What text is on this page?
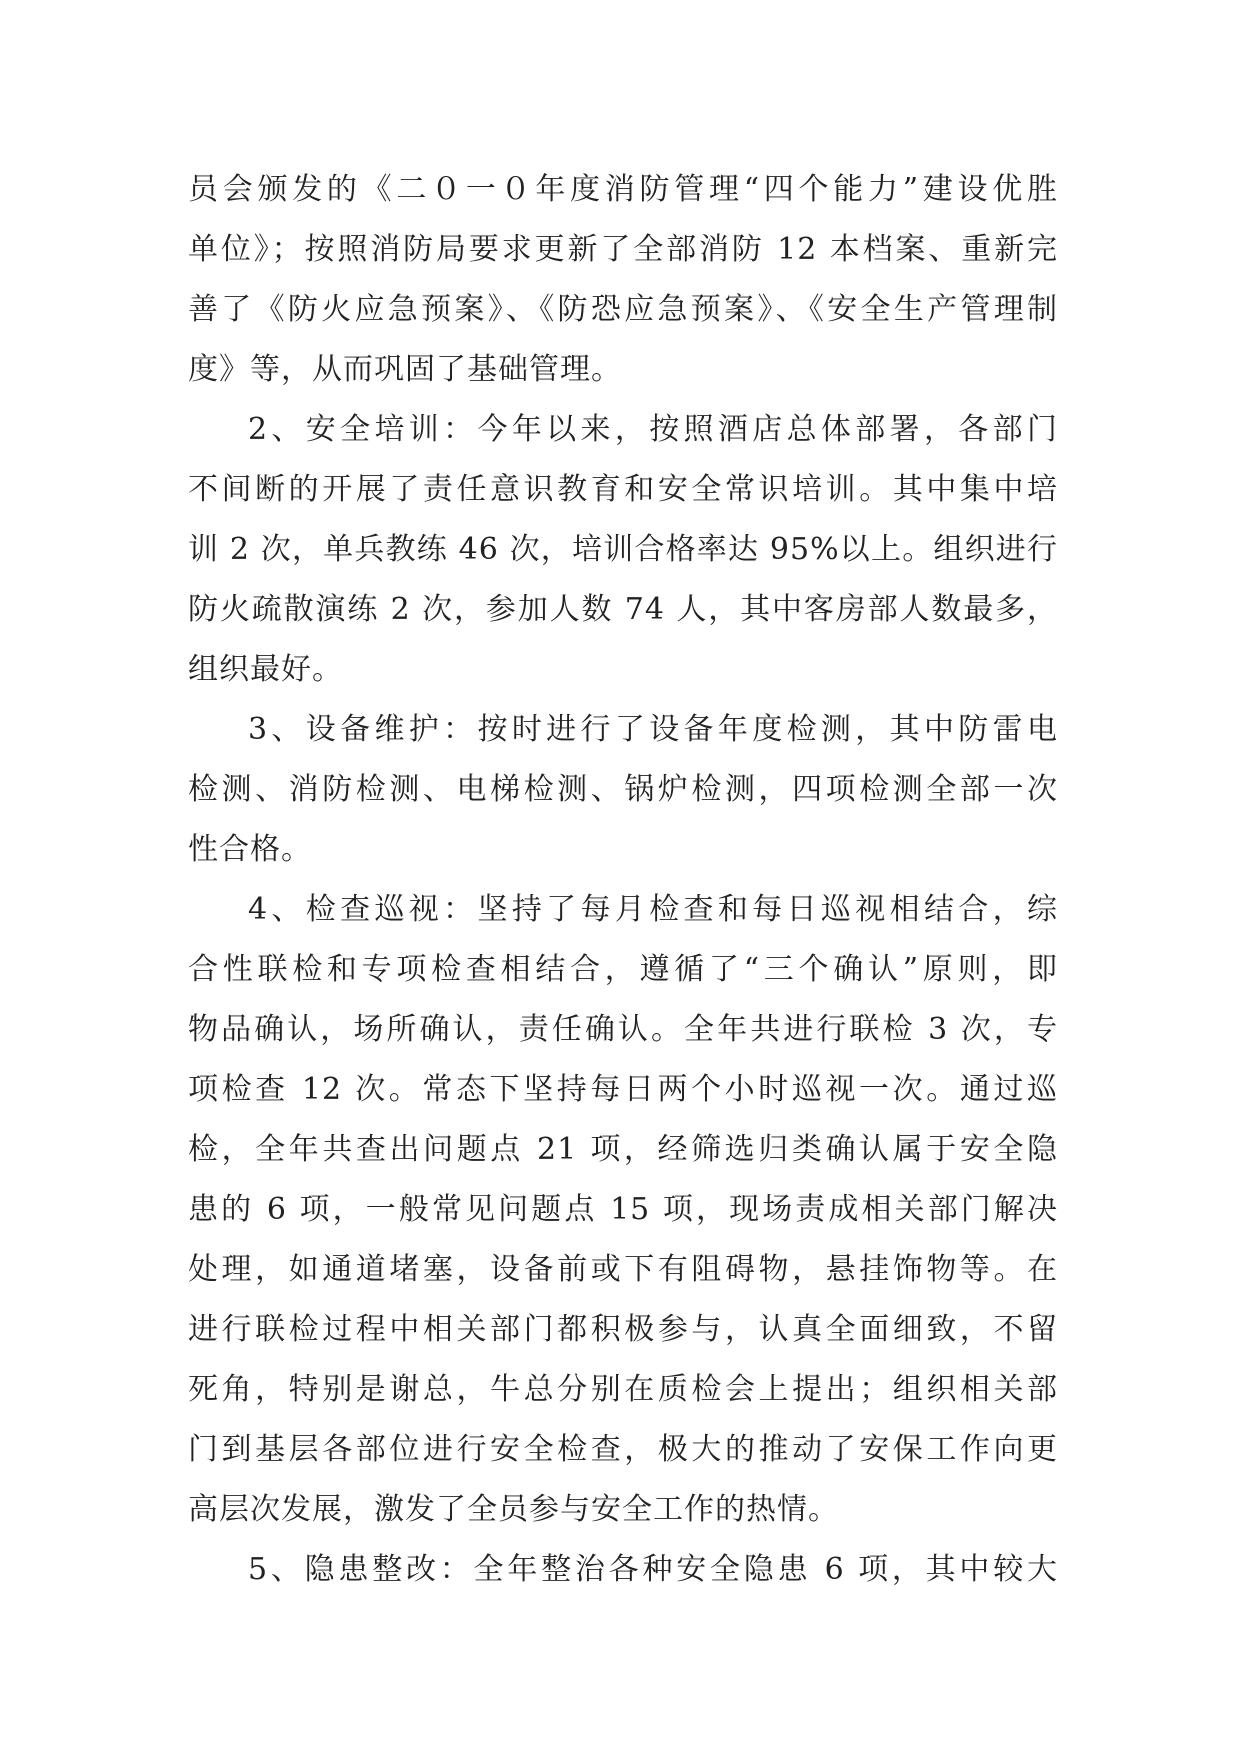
员会颁发的《二０一０年度消防管理“四个能力”建设优胜
单位》；按照消防局要求更新了全部消防 12 本档案、重新完
善了《防火应急预案》、《防恐应急预案》、《安全生产管理制
度》等，从而巩固了基础管理。
2、安全培训：今年以来，按照酒店总体部署，各部门
不间断的开展了责任意识教育和安全常识培训。其中集中培
训 2 次，单兵教练 46 次，培训合格率达 95%以上。组织进行
防火疏散演练 2 次，参加人数 74 人，其中客房部人数最多，
组织最好。
3、设备维护：按时进行了设备年度检测，其中防雷电
检测、消防检测、电梯检测、锅炉检测，四项检测全部一次
性合格。
4、检查巡视：坚持了每月检查和每日巡视相结合，综
合性联检和专项检查相结合，遵循了“三个确认”原则，即
物品确认，场所确认，责任确认。全年共进行联检 3 次，专
项检查 12 次。常态下坚持每日两个小时巡视一次。通过巡
检，全年共查出问题点 21 项，经筛选归类确认属于安全隐
患的 6 项，一般常见问题点 15 项，现场责成相关部门解决
处理，如通道堵塞，设备前或下有阻碍物，悬挂饰物等。在
进行联检过程中相关部门都积极参与，认真全面细致，不留
死角，特别是谢总，牛总分别在质检会上提出；组织相关部
门到基层各部位进行安全检查，极大的推动了安保工作向更
高层次发展，激发了全员参与安全工作的热情。
5、隐患整改：全年整治各种安全隐患 6 项，其中较大
